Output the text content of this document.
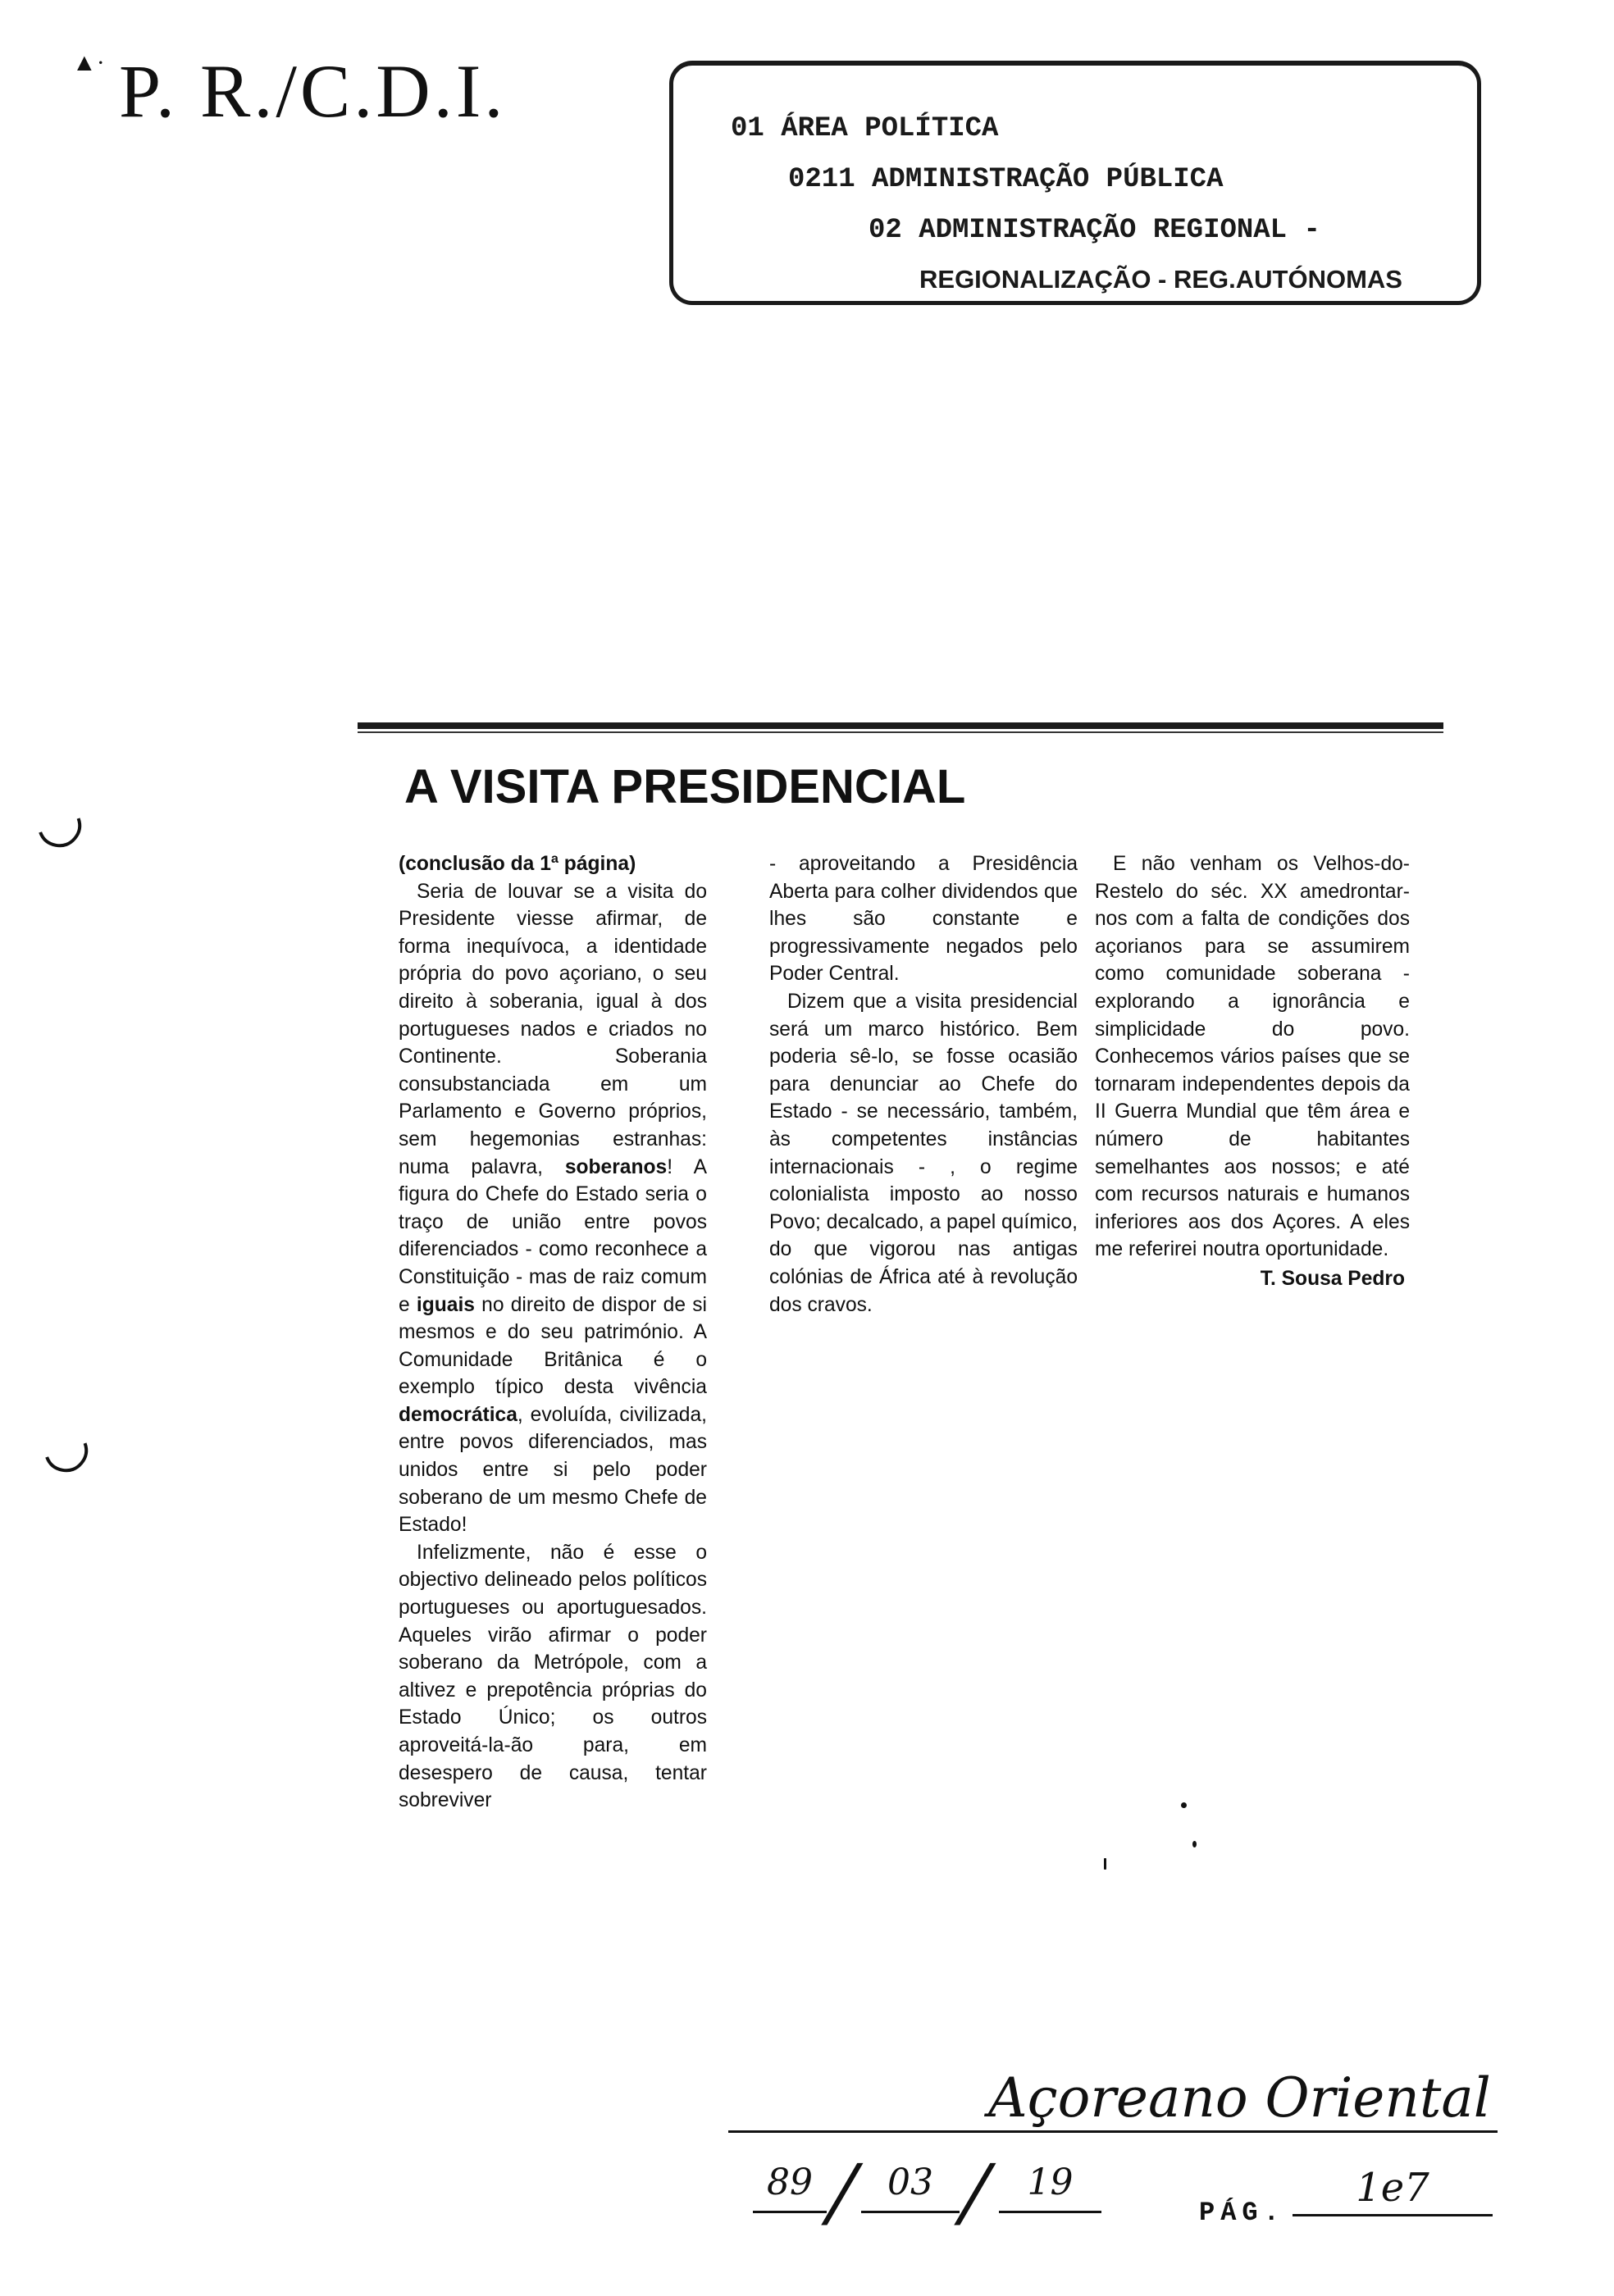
▲· P. R./C.D.I.	01 ÁREA POLÍTICA
0211 ADMINISTRAÇÃO PÚBLICA
02 ADMINISTRAÇÃO REGIONAL -
REGIONALIZAÇÃO - REG.AUTÓNOMAS
◡
◡
A VISITA PRESIDENCIAL

(conclusão da 1ª página)

Seria de louvar se a visita do Presidente viesse afirmar, de forma inequívoca, a identidade própria do povo açoriano, o seu direito à soberania, igual à dos portugueses nados e criados no Continente. Soberania consubstanciada em um Parlamento e Governo próprios, sem hegemonias estranhas: numa palavra, soberanos! A figura do Chefe do Estado seria o traço de união entre povos diferenciados - como reconhece a Constituição - mas de raiz comum e iguais no direito de dispor de si mesmos e do seu património. A Comunidade Britânica é o exemplo típico desta vivência democrática, evoluída, civilizada, entre povos diferenciados, mas unidos entre si pelo poder soberano de um mesmo Chefe de Estado!

Infelizmente, não é esse o objectivo delineado pelos políticos portugueses ou aportuguesados. Aqueles virão afirmar o poder soberano da Metrópole, com a altivez e prepotência próprias do Estado Único; os outros aproveitá-la-ão para, em desespero de causa, tentar sobreviver

- aproveitando a Presidência Aberta para colher dividendos que lhes são constante e progressivamente negados pelo Poder Central.

Dizem que a visita presidencial será um marco histórico. Bem poderia sê-lo, se fosse ocasião para denunciar ao Chefe do Estado - se necessário, também, às competentes instâncias internacionais - , o regime colonialista imposto ao nosso Povo; decalcado, a papel químico, do que vigorou nas antigas colónias de África até à revolução dos cravos.

E não venham os Velhos-do-Restelo do séc. XX amedrontar-nos com a falta de condições dos açorianos para se assumirem como comunidade soberana - explorando a ignorância e simplicidade do povo. Conhecemos vários países que se tornaram independentes depois da II Guerra Mundial que têm área e número de habitantes semelhantes aos nossos; e até com recursos naturais e humanos inferiores aos dos Açores. A eles me referirei noutra oportunidade.

T. Sousa Pedro
Açoreano Oriental
89 / 03 / 19
PÁG.
1e7
